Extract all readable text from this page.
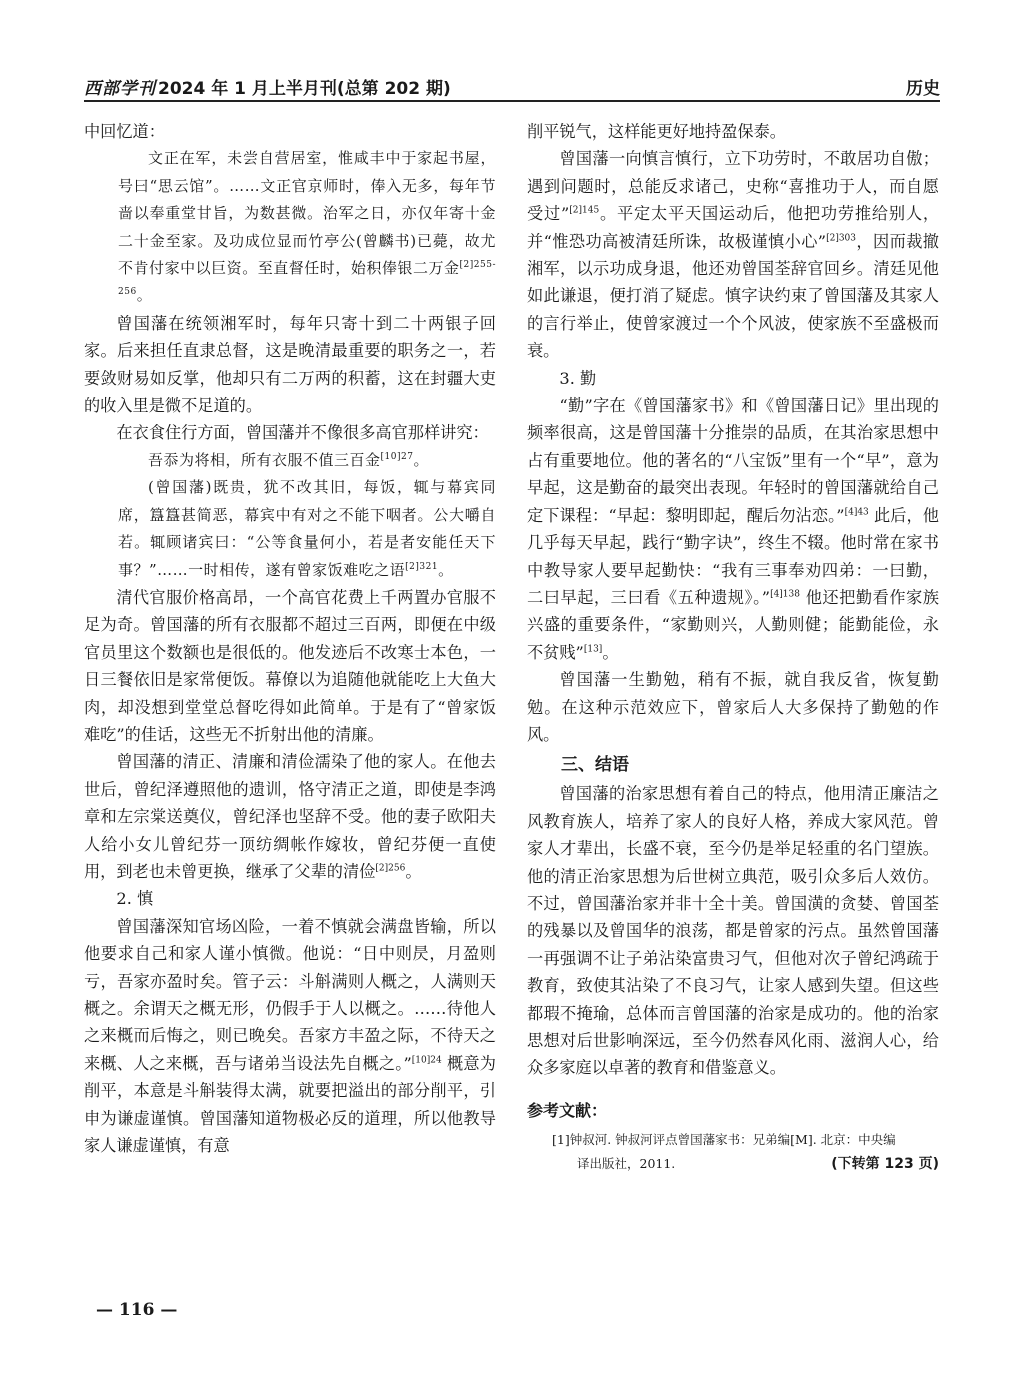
西部学刊 2024 年 1 月上半月刊(总第 202 期)	历史

中回忆道：

文正在军，未尝自营居室，惟咸丰中于家起书屋，号曰“思云馆”。……文正官京师时，俸入无多，每年节啬以奉重堂甘旨，为数甚微。治军之日，亦仅年寄十金二十金至家。及功成位显而竹亭公(曾麟书)已薨，故尤不肯付家中以巨资。至直督任时，始积俸银二万金$^{[2]255-256}$。

曾国藩在统领湘军时，每年只寄十到二十两银子回家。后来担任直隶总督，这是晚清最重要的职务之一，若要敛财易如反掌，他却只有二万两的积蓄，这在封疆大吏的收入里是微不足道的。

在衣食住行方面，曾国藩并不像很多高官那样讲究：

吾忝为将相，所有衣服不值三百金$^{[10]27}$。

(曾国藩)既贵，犹不改其旧，每饭，辄与幕宾同席，簋簋甚简恶，幕宾中有对之不能下咽者。公大嚼自若。辄顾诸宾曰：“公等食量何小，若是者安能任天下事？”……一时相传，遂有曾家饭难吃之语$^{[2]321}$。

清代官服价格高昂，一个高官花费上千两置办官服不足为奇。曾国藩的所有衣服都不超过三百两，即便在中级官员里这个数额也是很低的。他发迹后不改寒士本色，一日三餐依旧是家常便饭。幕僚以为追随他就能吃上大鱼大肉，却没想到堂堂总督吃得如此简单。于是有了“曾家饭难吃”的佳话，这些无不折射出他的清廉。

曾国藩的清正、清廉和清俭濡染了他的家人。在他去世后，曾纪泽遵照他的遗训，恪守清正之道，即使是李鸿章和左宗棠送奠仪，曾纪泽也坚辞不受。他的妻子欧阳夫人给小女儿曾纪芬一顶纺绸帐作嫁妆，曾纪芬便一直使用，到老也未曾更换，继承了父辈的清俭$^{[2]256}$。

2. 慎

曾国藩深知官场凶险，一着不慎就会满盘皆输，所以他要求自己和家人谨小慎微。他说：“日中则昃，月盈则亏，吾家亦盈时矣。管子云：斗斛满则人概之，人满则天概之。余谓天之概无形，仍假手于人以概之。……待他人之来概而后悔之，则已晚矣。吾家方丰盈之际，不待天之来概、人之来概，吾与诸弟当设法先自概之。”$^{[10]24}$ 概意为削平，本意是斗斛装得太满，就要把溢出的部分削平，引申为谦虚谨慎。曾国藩知道物极必反的道理，所以他教导家人谦虚谨慎，有意

削平锐气，这样能更好地持盈保泰。

曾国藩一向慎言慎行，立下功劳时，不敢居功自傲；遇到问题时，总能反求诸己，史称“喜推功于人，而自愿受过”$^{[2]145}$。平定太平天国运动后，他把功劳推给别人，并“惟恐功高被清廷所诛，故极谨慎小心”$^{[2]303}$，因而裁撤湘军，以示功成身退，他还劝曾国荃辞官回乡。清廷见他如此谦退，便打消了疑虑。慎字诀约束了曾国藩及其家人的言行举止，使曾家渡过一个个风波，使家族不至盛极而衰。

3. 勤

“勤”字在《曾国藩家书》和《曾国藩日记》里出现的频率很高，这是曾国藩十分推崇的品质，在其治家思想中占有重要地位。他的著名的“八宝饭”里有一个“早”，意为早起，这是勤奋的最突出表现。年轻时的曾国藩就给自己定下课程：“早起：黎明即起，醒后勿沾恋。”$^{[4]43}$ 此后，他几乎每天早起，践行“勤字诀”，终生不辍。他时常在家书中教导家人要早起勤快：“我有三事奉劝四弟：一曰勤，二曰早起，三曰看《五种遗规》。”$^{[4]138}$ 他还把勤看作家族兴盛的重要条件，“家勤则兴，人勤则健；能勤能俭，永不贫贱”[13]。

曾国藩一生勤勉，稍有不振，就自我反省，恢复勤勉。在这种示范效应下，曾家后人大多保持了勤勉的作风。

三、结语

曾国藩的治家思想有着自己的特点，他用清正廉洁之风教育族人，培养了家人的良好人格，养成大家风范。曾家人才辈出，长盛不衰，至今仍是举足轻重的名门望族。他的清正治家思想为后世树立典范，吸引众多后人效仿。不过，曾国藩治家并非十全十美。曾国潢的贪婪、曾国荃的残暴以及曾国华的浪荡，都是曾家的污点。虽然曾国藩一再强调不让子弟沾染富贵习气，但他对次子曾纪鸿疏于教育，致使其沾染了不良习气，让家人感到失望。但这些都瑕不掩瑜，总体而言曾国藩的治家是成功的。他的治家思想对后世影响深远，至今仍然春风化雨、滋润人心，给众多家庭以卓著的教育和借鉴意义。

参考文献：

[1]钟叔河. 钟叔河评点曾国藩家书：兄弟编[M]. 北京：中央编

译出版社，2011.	(下转第 123 页)

— 116 —
